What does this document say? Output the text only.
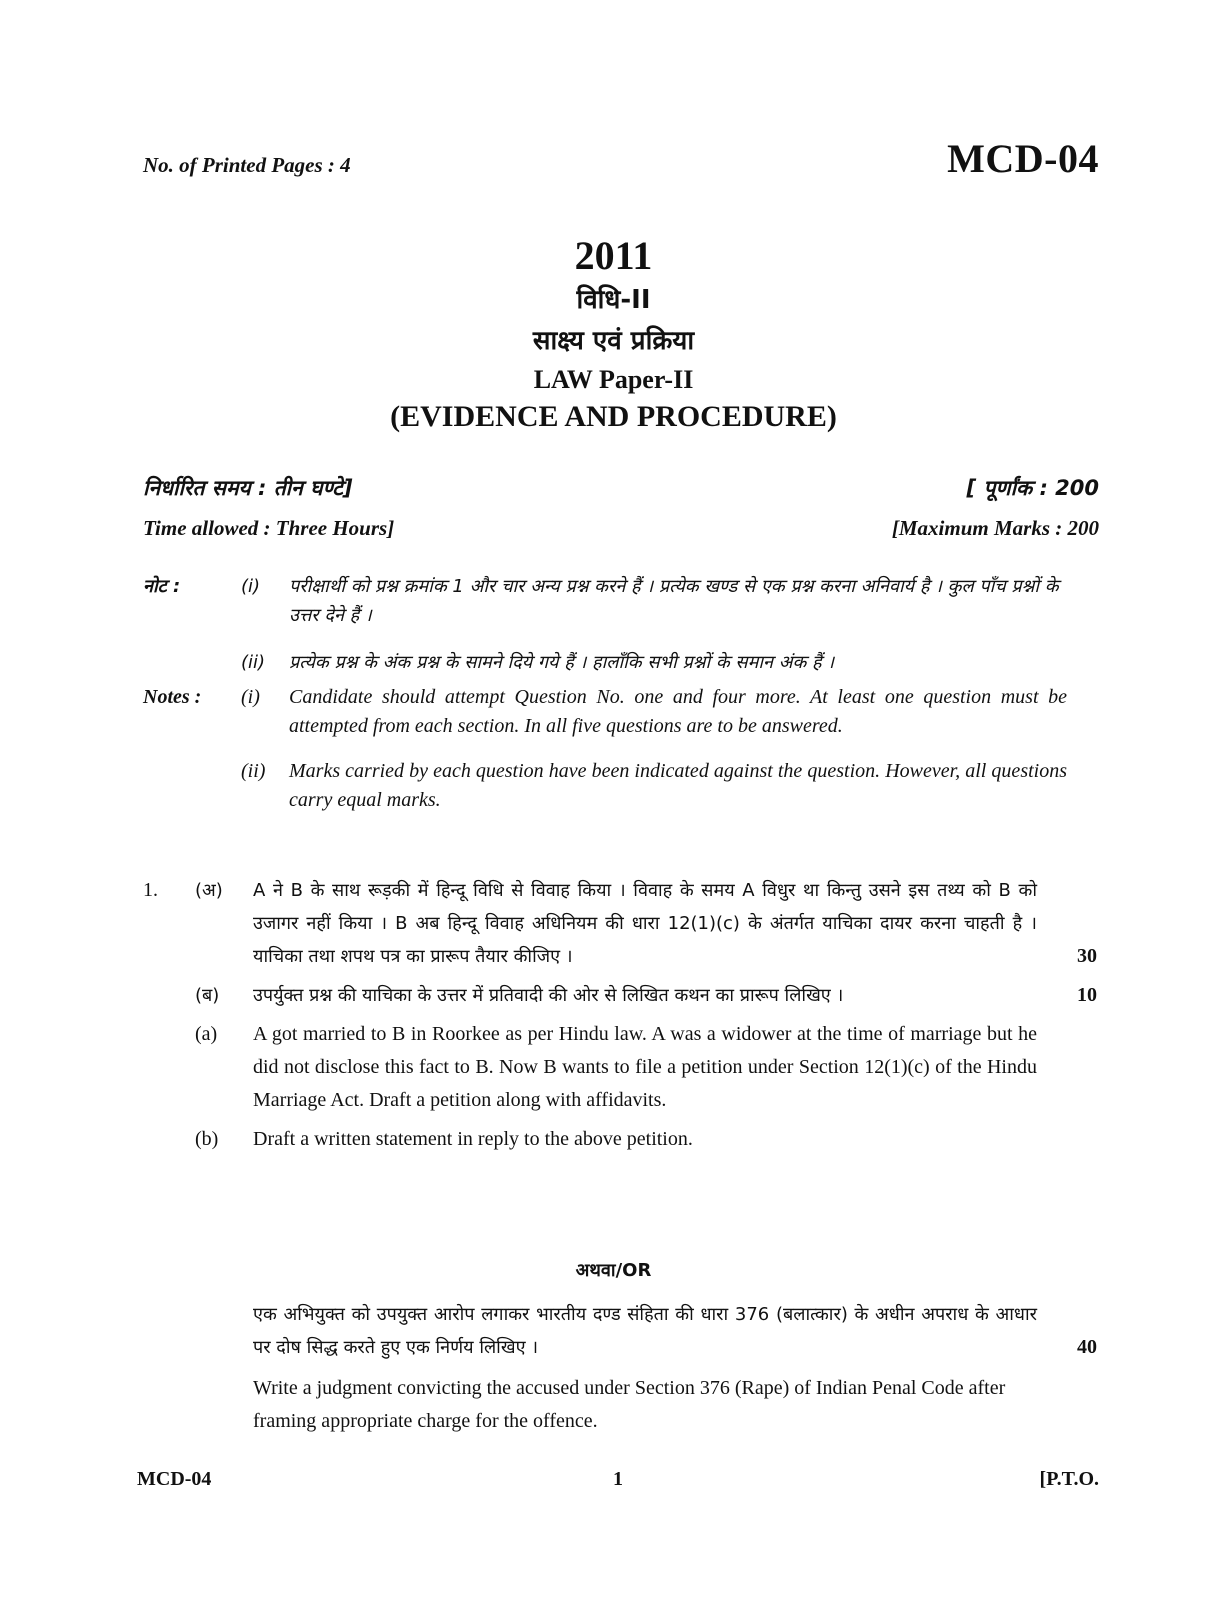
No. of Printed Pages : 4	MCD-04
2011
विधि-II
साक्ष्य एवं प्रक्रिया
LAW Paper-II
(EVIDENCE AND PROCEDURE)
निर्धारित समय : तीन घण्टे]	[ पूर्णांक : 200
Time allowed : Three Hours]	[Maximum Marks : 200
नोट :	(i)	परीक्षार्थी को प्रश्न क्रमांक 1 और चार अन्य प्रश्न करने हैं । प्रत्येक खण्ड से एक प्रश्न करना अनिवार्य है । कुल पाँच प्रश्नों के उत्तर देने हैं ।
(ii)	प्रत्येक प्रश्न के अंक प्रश्न के सामने दिये गये हैं । हालाँकि सभी प्रश्नों के समान अंक हैं ।
Notes :	(i)	Candidate should attempt Question No. one and four more. At least one question must be attempted from each section. In all five questions are to be answered.
(ii)	Marks carried by each question have been indicated against the question. However, all questions carry equal marks.
1.	(अ)	A ने B के साथ रूड़की में हिन्दू विधि से विवाह किया । विवाह के समय A विधुर था किन्तु उसने इस तथ्य को B को उजागर नहीं किया । B अब हिन्दू विवाह अधिनियम की धारा 12(1)(c) के अंतर्गत याचिका दायर करना चाहती है । याचिका तथा शपथ पत्र का प्रारूप तैयार कीजिए ।	30
(ब)	उपर्युक्त प्रश्न की याचिका के उत्तर में प्रतिवादी की ओर से लिखित कथन का प्रारूप लिखिए ।	10
(a)	A got married to B in Roorkee as per Hindu law. A was a widower at the time of marriage but he did not disclose this fact to B. Now B wants to file a petition under Section 12(1)(c) of the Hindu Marriage Act. Draft a petition along with affidavits.
(b)	Draft a written statement in reply to the above petition.
अथवा/OR
एक अभियुक्त को उपयुक्त आरोप लगाकर भारतीय दण्ड संहिता की धारा 376 (बलात्कार) के अधीन अपराध के आधार पर दोष सिद्ध करते हुए एक निर्णय लिखिए ।	40
Write a judgment convicting the accused under Section 376 (Rape) of Indian Penal Code after framing appropriate charge for the offence.
MCD-04	1	[P.T.O.
